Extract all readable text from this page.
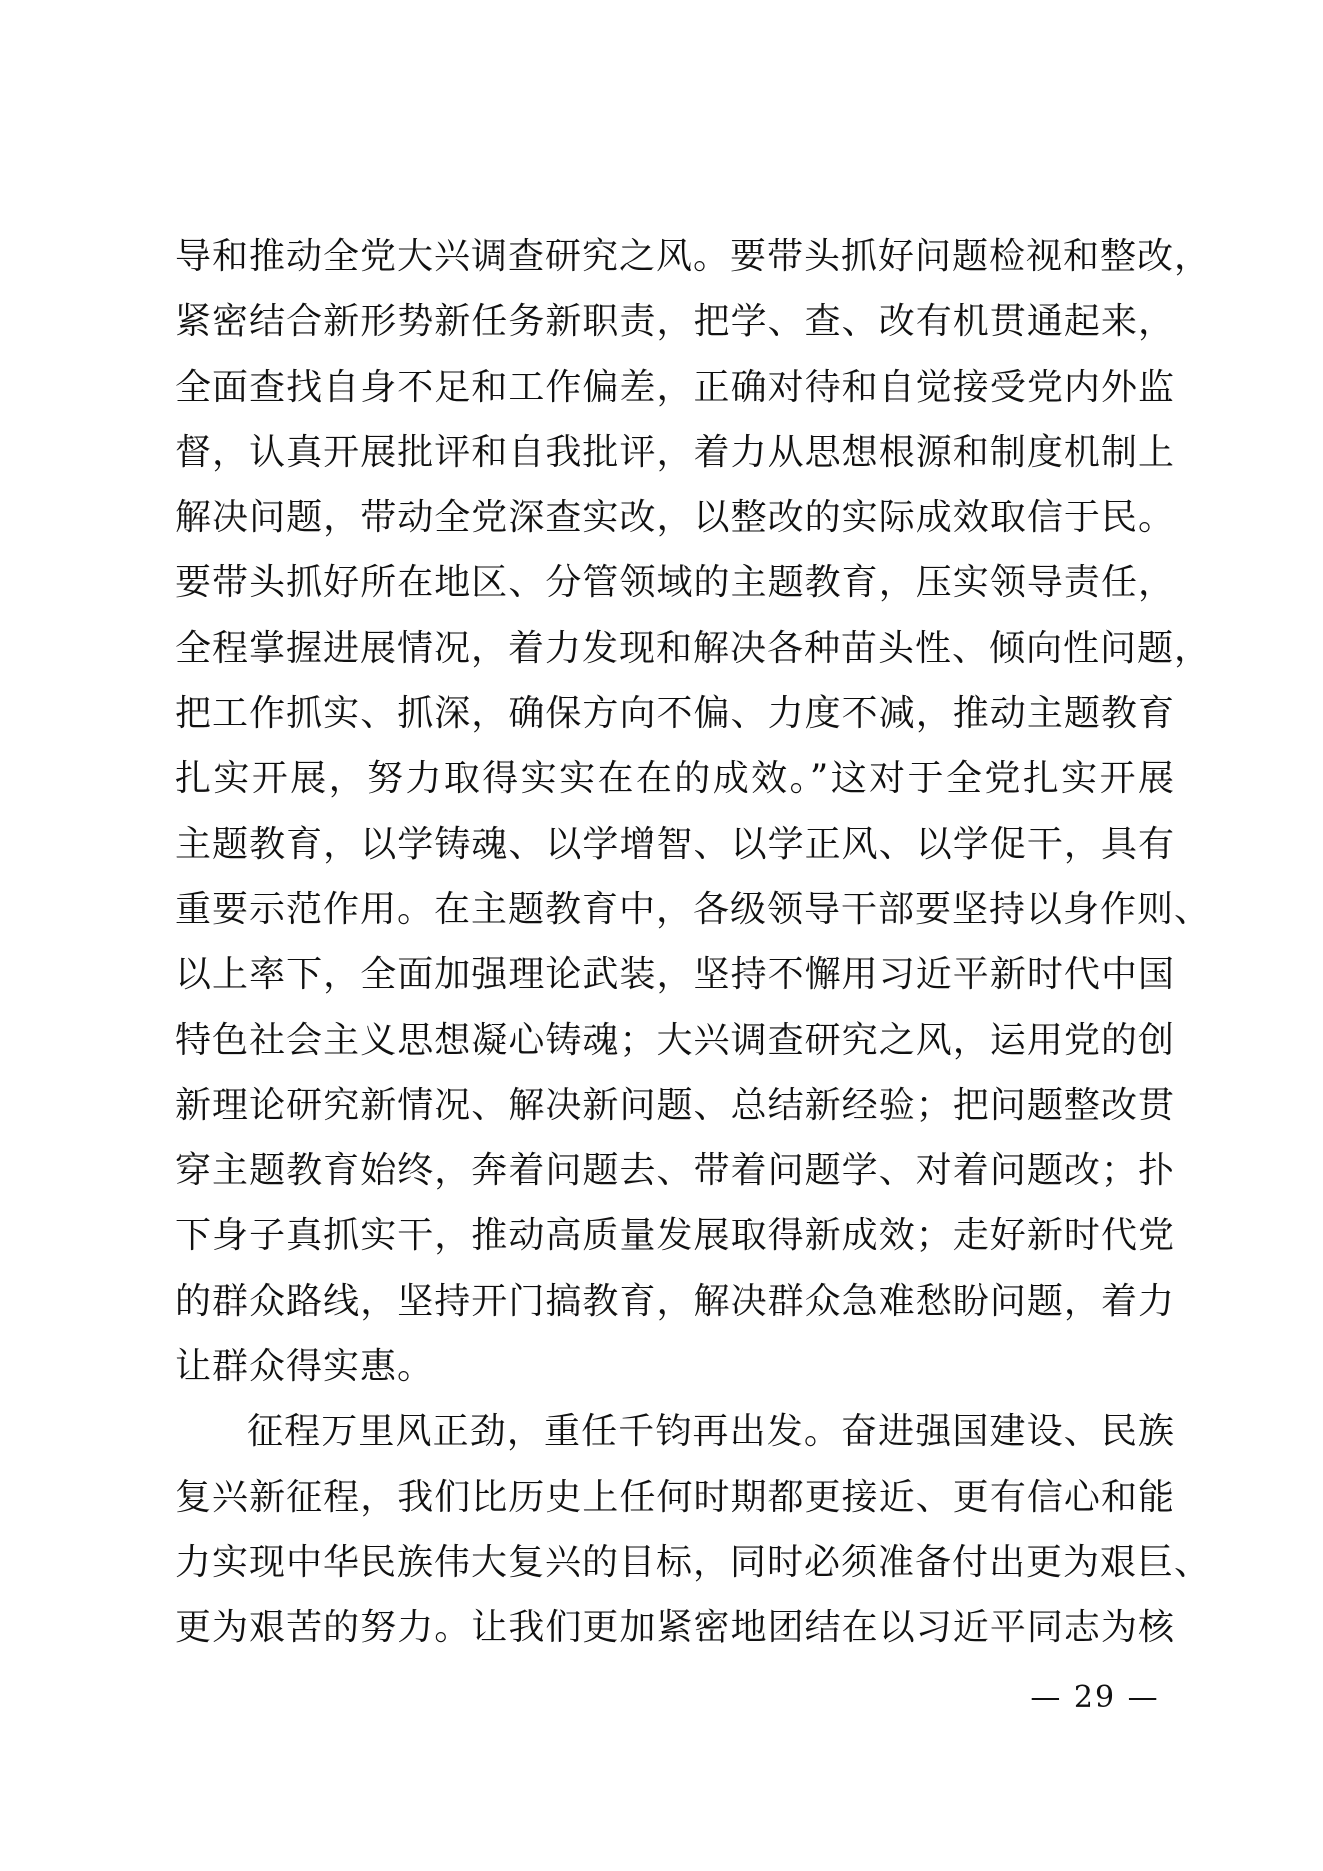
导和推动全党大兴调查研究之风。要带头抓好问题检视和整改，
紧密结合新形势新任务新职责，把学、查、改有机贯通起来，
全面查找自身不足和工作偏差，正确对待和自觉接受党内外监
督，认真开展批评和自我批评，着力从思想根源和制度机制上
解决问题，带动全党深查实改，以整改的实际成效取信于民。
要带头抓好所在地区、分管领域的主题教育，压实领导责任，
全程掌握进展情况，着力发现和解决各种苗头性、倾向性问题，
把工作抓实、抓深，确保方向不偏、力度不减，推动主题教育
扎实开展，努力取得实实在在的成效。”这对于全党扎实开展
主题教育，以学铸魂、以学增智、以学正风、以学促干，具有
重要示范作用。在主题教育中，各级领导干部要坚持以身作则、
以上率下，全面加强理论武装，坚持不懈用习近平新时代中国
特色社会主义思想凝心铸魂；大兴调查研究之风，运用党的创
新理论研究新情况、解决新问题、总结新经验；把问题整改贯
穿主题教育始终，奔着问题去、带着问题学、对着问题改；扑
下身子真抓实干，推动高质量发展取得新成效；走好新时代党
的群众路线，坚持开门搞教育，解决群众急难愁盼问题，着力
让群众得实惠。
征程万里风正劲，重任千钧再出发。奋进强国建设、民族
复兴新征程，我们比历史上任何时期都更接近、更有信心和能
力实现中华民族伟大复兴的目标，同时必须准备付出更为艰巨、
更为艰苦的努力。让我们更加紧密地团结在以习近平同志为核
— 29 —
